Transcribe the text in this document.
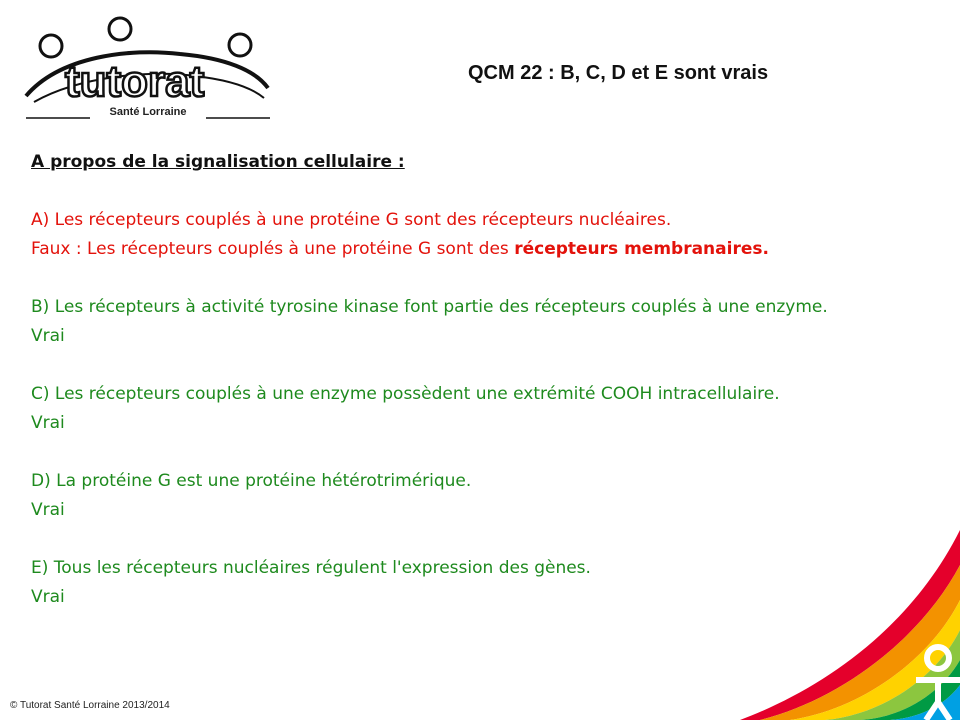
tutorat
Santé Lorraine
QCM 22 : B, C, D et E sont vrais
A propos de la signalisation cellulaire :
A) Les récepteurs couplés à une protéine G sont des récepteurs nucléaires.
Faux : Les récepteurs couplés à une protéine G sont des récepteurs membranaires.
B) Les récepteurs à activité tyrosine kinase font partie des récepteurs couplés à une enzyme.
Vrai
C) Les récepteurs couplés à une enzyme possèdent une extrémité COOH intracellulaire.
Vrai
D) La protéine G est une protéine hétérotrimérique.
Vrai
E) Tous les récepteurs nucléaires régulent l'expression des gènes.
Vrai
© Tutorat Santé Lorraine 2013/2014
